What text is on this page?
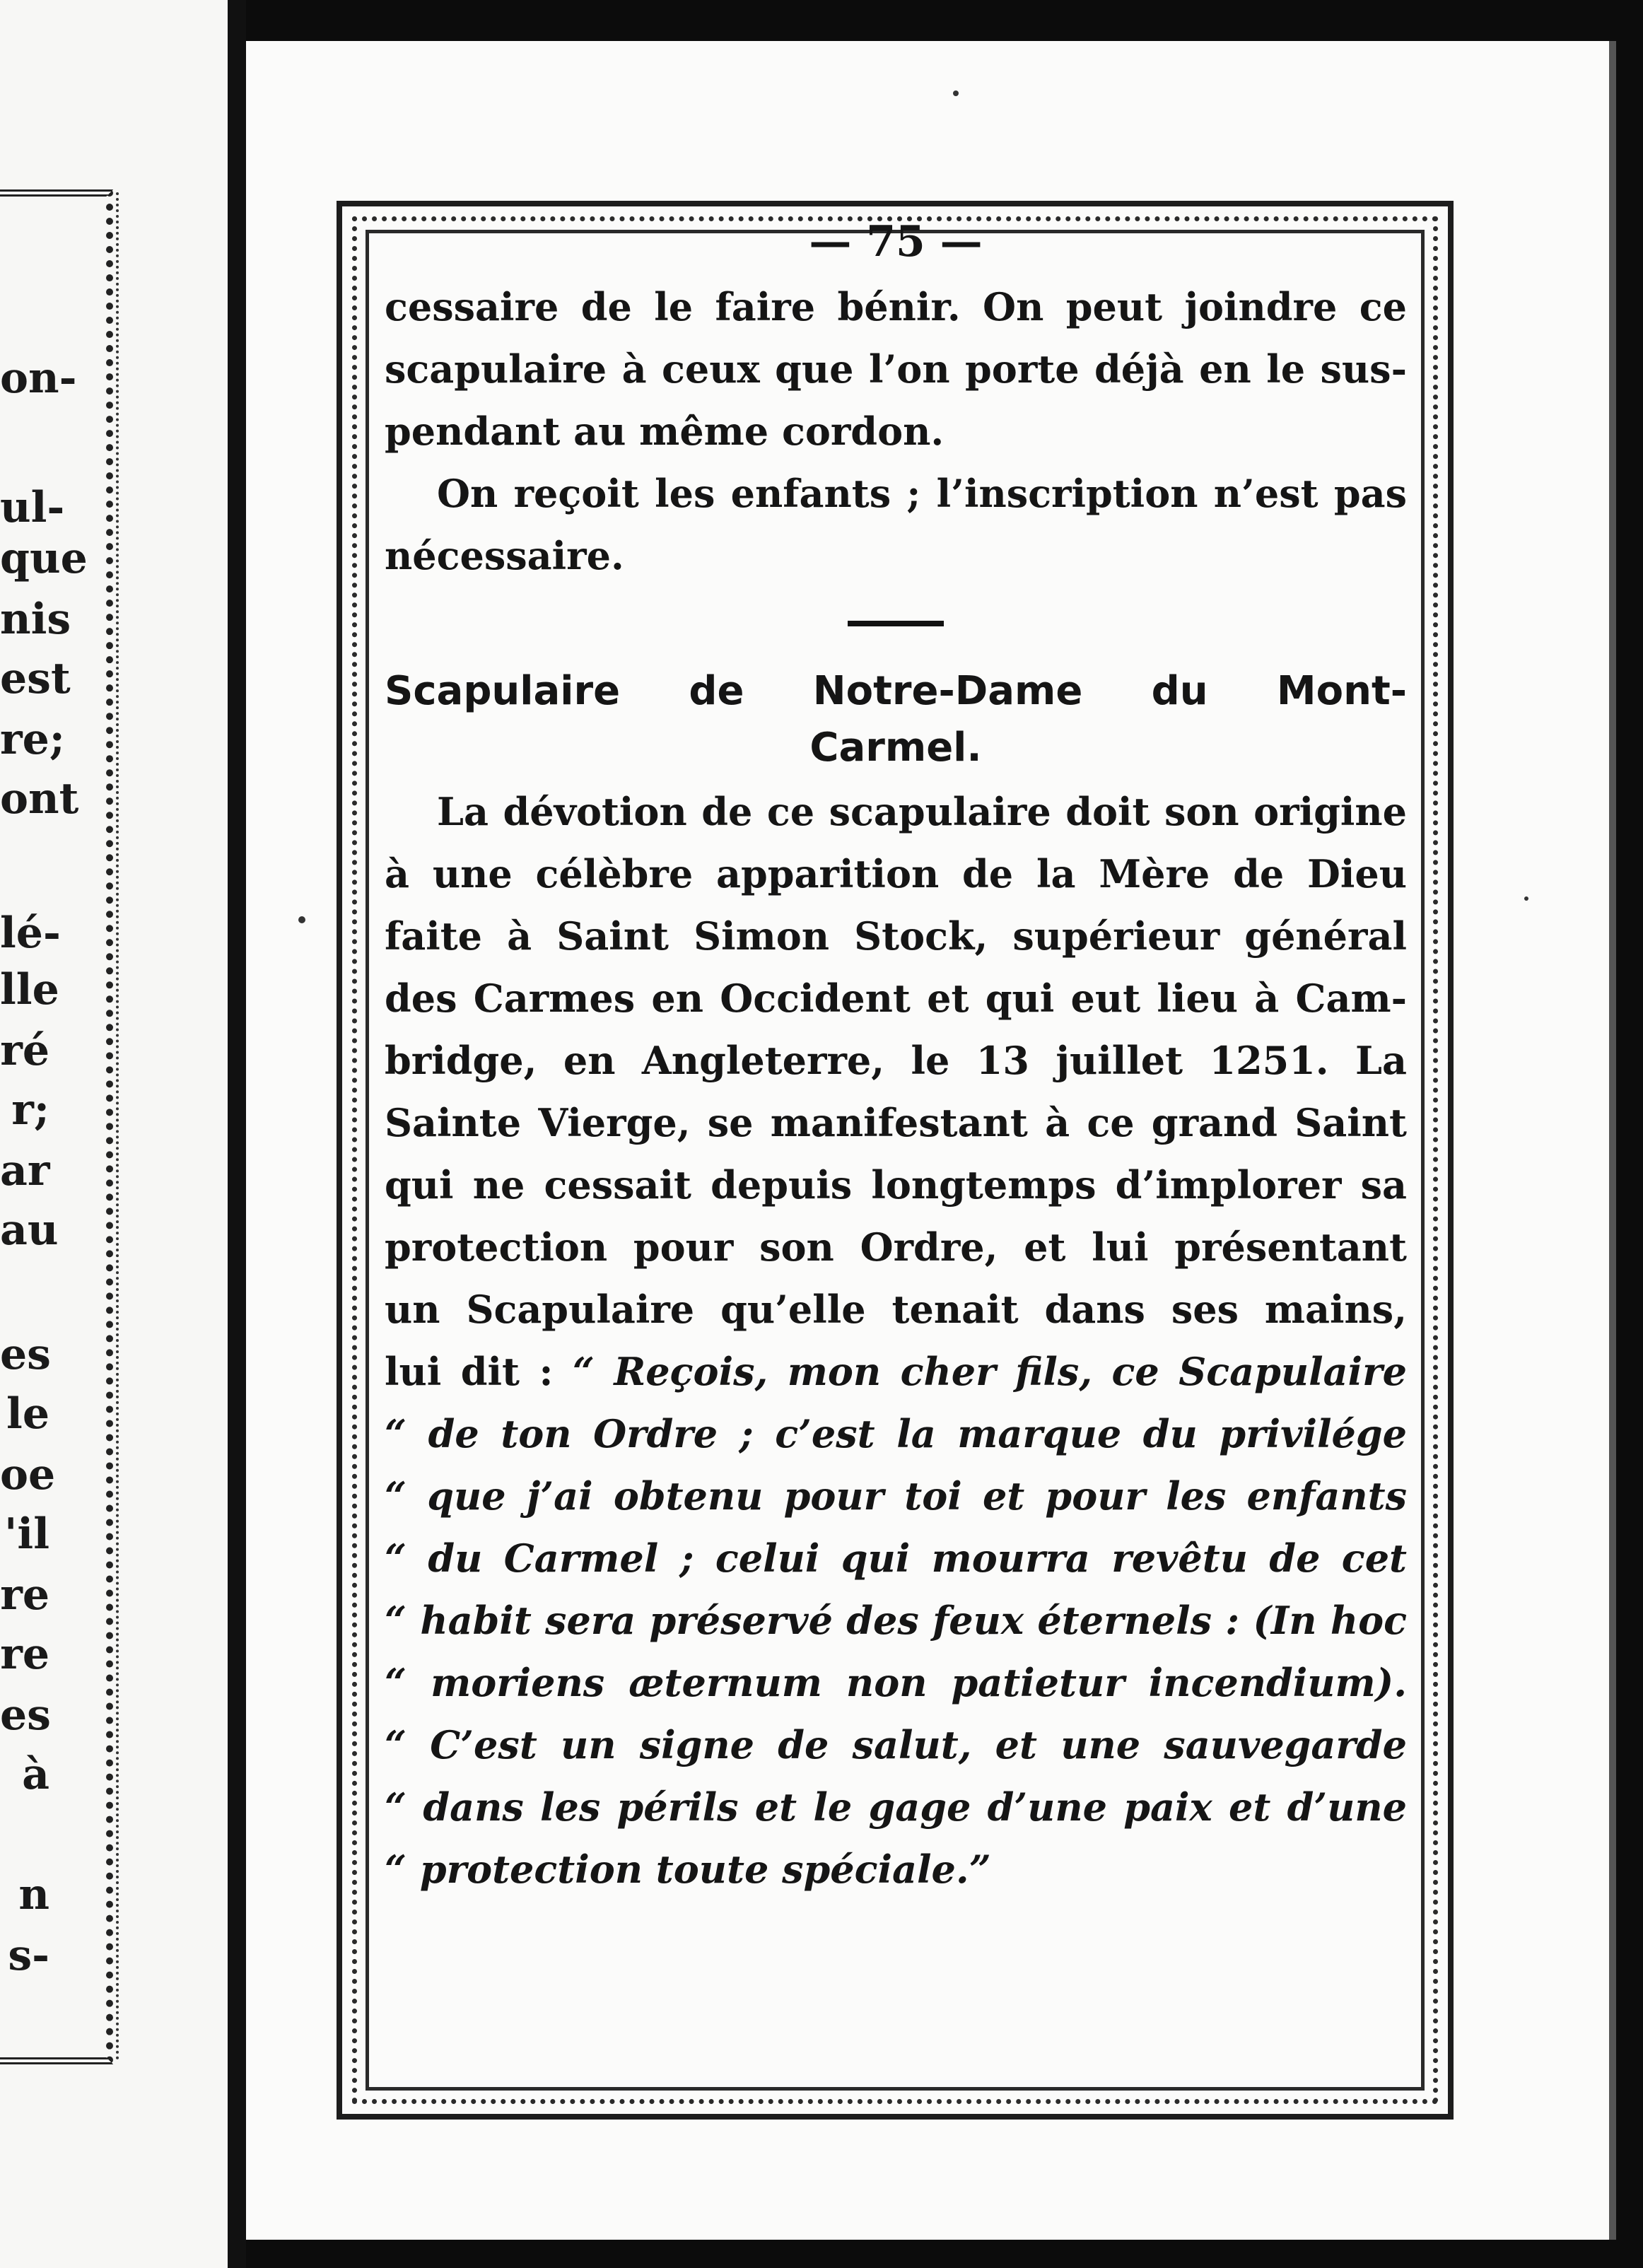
on-
ul-
que
nis
est
re;
ont
lé-
lle
ré
r;
ar
au
es
le
oe
'il
re
re
es
à
n
s-

— 75 —

cessaire de le faire bénir. On peut joindre ce

scapulaire à ceux que l’on porte déjà en le sus-

pendant au même cordon.

On reçoit les enfants ; l’inscription n’est pas

nécessaire.

Scapulaire de Notre-Dame du Mont-

Carmel.

La dévotion de ce scapulaire doit son origine

à une célèbre apparition de la Mère de Dieu

faite à Saint Simon Stock, supérieur général

des Carmes en Occident et qui eut lieu à Cam-

bridge, en Angleterre, le 13 juillet 1251. La

Sainte Vierge, se manifestant à ce grand Saint

qui ne cessait depuis longtemps d’implorer sa

protection pour son Ordre, et lui présentant

un Scapulaire qu’elle tenait dans ses mains,

lui dit : “ Reçois, mon cher fils, ce Scapulaire

“ de ton Ordre ; c’est la marque du privilége

“ que j’ai obtenu pour toi et pour les enfants

“ du Carmel ; celui qui mourra revêtu de cet

“ habit sera préservé des feux éternels : (In hoc

“ moriens æternum non patietur incendium).

“ C’est un signe de salut, et une sauvegarde

“ dans les périls et le gage d’une paix et d’une

“ protection toute spéciale.”
